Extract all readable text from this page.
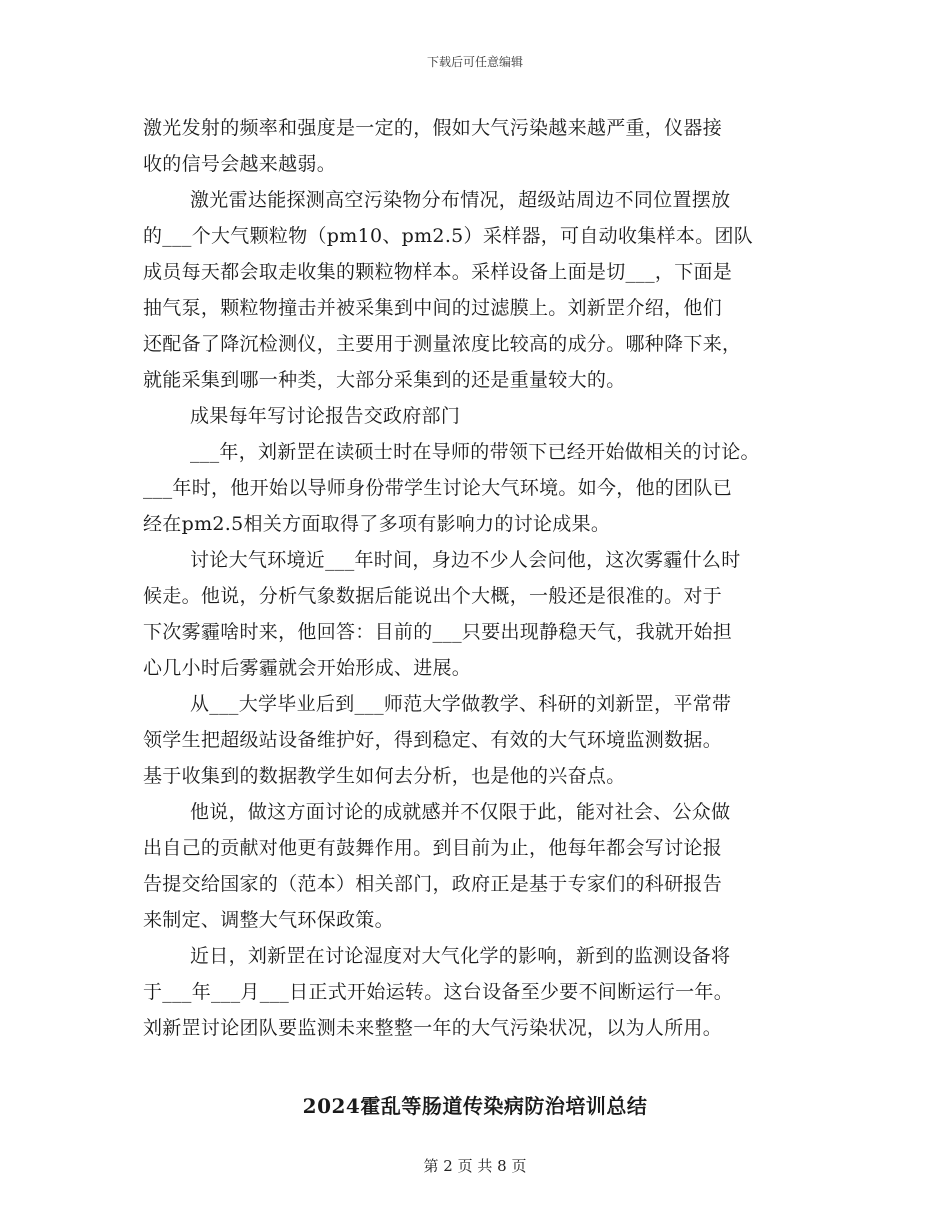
下载后可任意编辑
激光发射的频率和强度是一定的，假如大气污染越来越严重，仪器接
收的信号会越来越弱。
激光雷达能探测高空污染物分布情况，超级站周边不同位置摆放
的___个大气颗粒物（pm10、pm2.5）采样器，可自动收集样本。团队
成员每天都会取走收集的颗粒物样本。采样设备上面是切___，下面是
抽气泵，颗粒物撞击并被采集到中间的过滤膜上。刘新罡介绍，他们
还配备了降沉检测仪，主要用于测量浓度比较高的成分。哪种降下来，
就能采集到哪一种类，大部分采集到的还是重量较大的。
成果每年写讨论报告交政府部门
___年，刘新罡在读硕士时在导师的带领下已经开始做相关的讨论。
___年时，他开始以导师身份带学生讨论大气环境。如今，他的团队已
经在pm2.5相关方面取得了多项有影响力的讨论成果。
讨论大气环境近___年时间，身边不少人会问他，这次雾霾什么时
候走。他说，分析气象数据后能说出个大概，一般还是很准的。对于
下次雾霾啥时来，他回答：目前的___只要出现静稳天气，我就开始担
心几小时后雾霾就会开始形成、进展。
从___大学毕业后到___师范大学做教学、科研的刘新罡，平常带
领学生把超级站设备维护好，得到稳定、有效的大气环境监测数据。
基于收集到的数据教学生如何去分析，也是他的兴奋点。
他说，做这方面讨论的成就感并不仅限于此，能对社会、公众做
出自己的贡献对他更有鼓舞作用。到目前为止，他每年都会写讨论报
告提交给国家的（范本）相关部门，政府正是基于专家们的科研报告
来制定、调整大气环保政策。
近日，刘新罡在讨论湿度对大气化学的影响，新到的监测设备将
于___年___月___日正式开始运转。这台设备至少要不间断运行一年。
刘新罡讨论团队要监测未来整整一年的大气污染状况，以为人所用。
2024霍乱等肠道传染病防治培训总结
第 2 页 共 8 页
